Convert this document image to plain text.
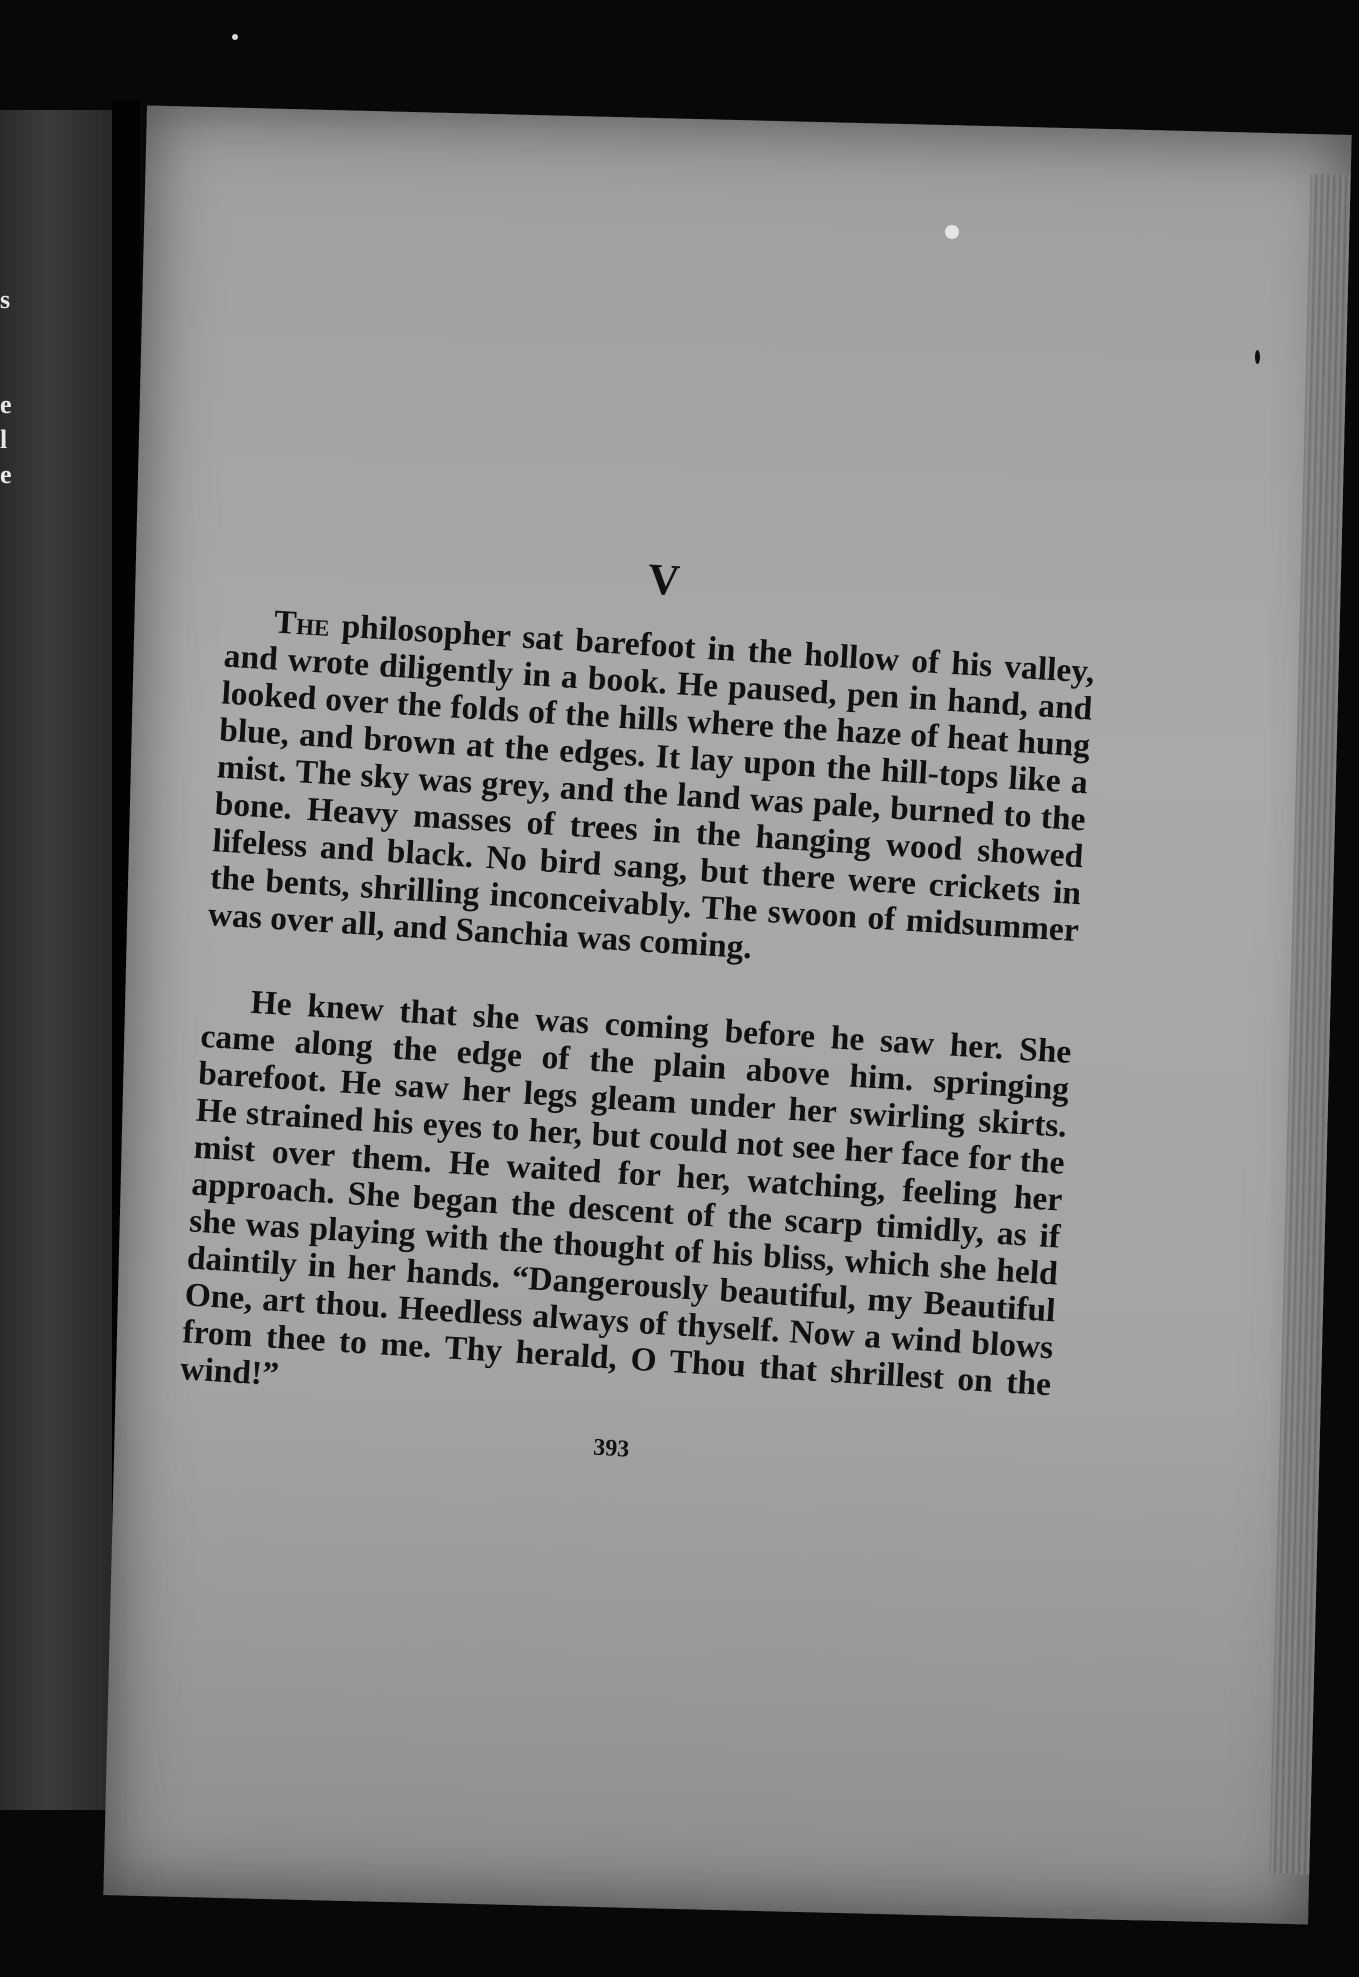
s
e
l
e
V

The philosopher sat barefoot in the hollow of his valley, and wrote diligently in a book. He paused, pen in hand, and looked over the folds of the hills where the haze of heat hung blue, and brown at the edges. It lay upon the hill-tops like a mist. The sky was grey, and the land was pale, burned to the bone. Heavy masses of trees in the hanging wood showed lifeless and black. No bird sang, but there were crickets in the bents, shrilling inconceivably. The swoon of midsummer was over all, and Sanchia was coming.

He knew that she was coming before he saw her. She came along the edge of the plain above him. springing barefoot. He saw her legs gleam under her swirling skirts. He strained his eyes to her, but could not see her face for the mist over them. He waited for her, watching, feeling her approach. She began the descent of the scarp timidly, as if she was playing with the thought of his bliss, which she held daintily in her hands. “Dangerously beautiful, my Beautiful One, art thou. Heedless always of thyself. Now a wind blows from thee to me. Thy herald, O Thou that shrillest on the wind!”

393
